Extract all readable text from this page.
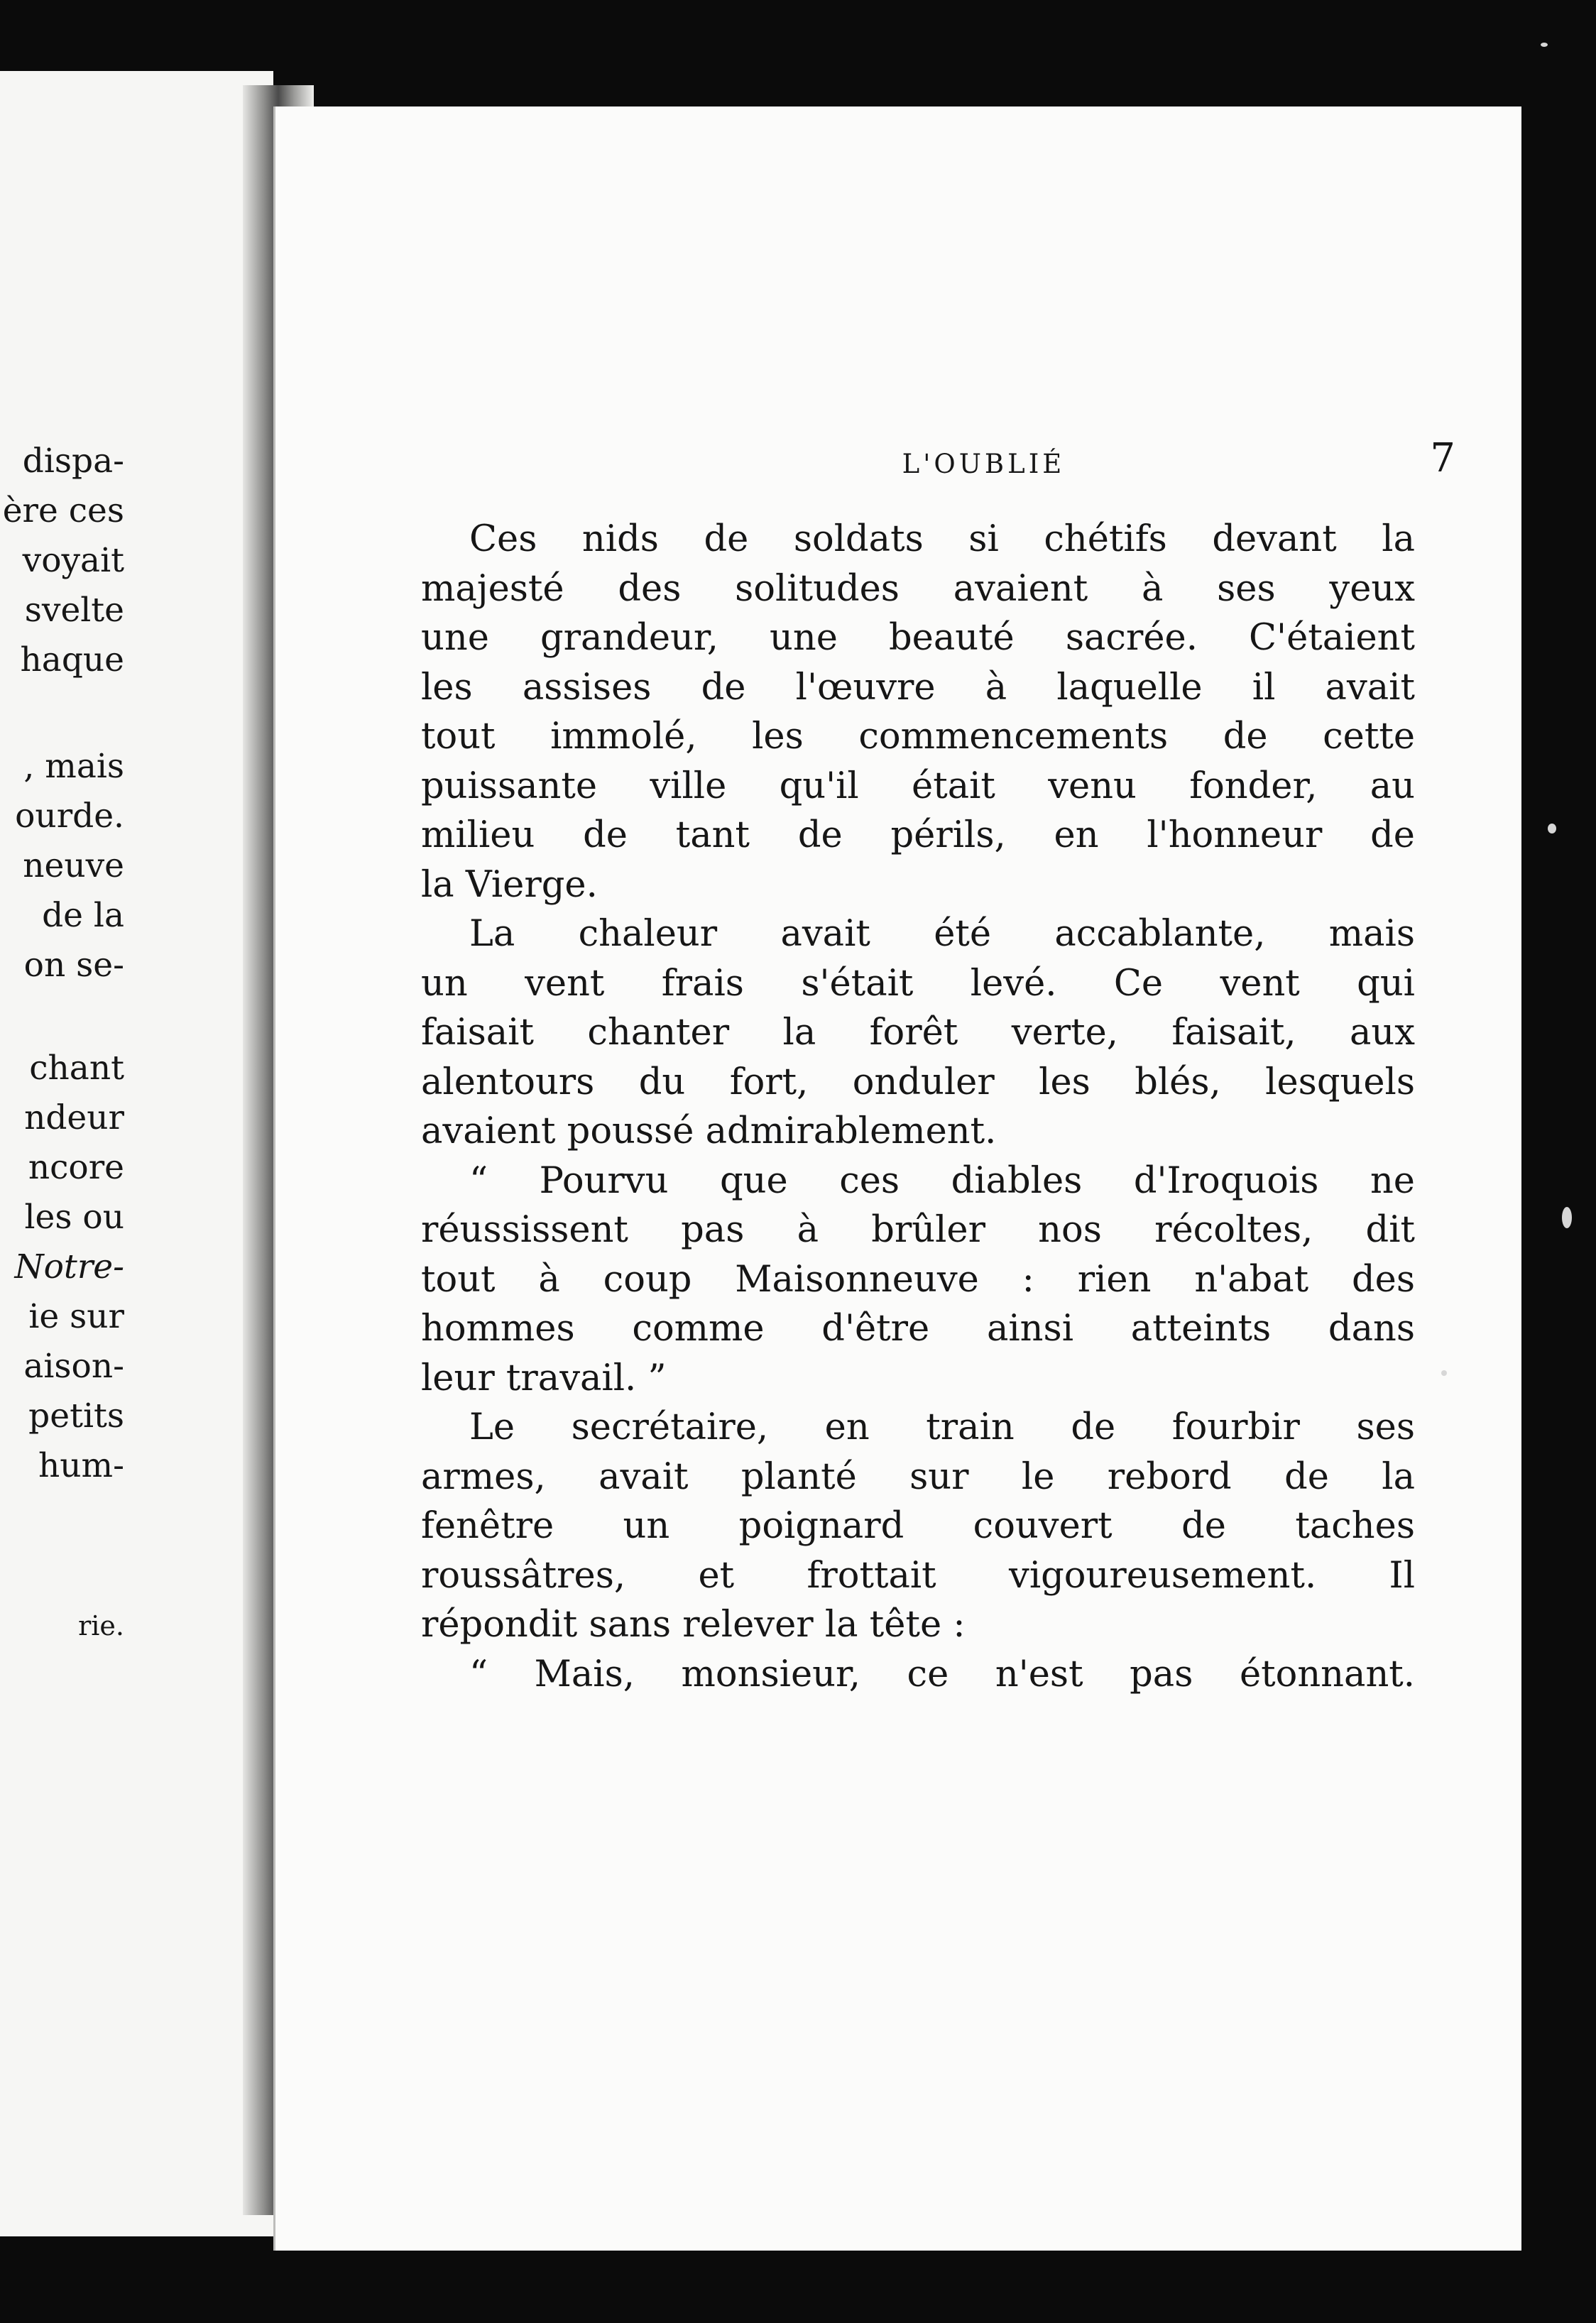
dispa-
ère ces
voyait
svelte
haque
, mais
ourde.
neuve
de la
on se-
chant
ndeur
ncore
les ou
Notre-
ie sur
aison-
petits
hum-
rie.
L'OUBLIÉ	7
Ces nids de soldats si chétifs devant la
majesté des solitudes avaient à ses yeux
une grandeur, une beauté sacrée. C'étaient
les assises de l'œuvre à laquelle il avait
tout immolé, les commencements de cette
puissante ville qu'il était venu fonder, au
milieu de tant de périls, en l'honneur de
la Vierge.
La chaleur avait été accablante, mais
un vent frais s'était levé. Ce vent qui
faisait chanter la forêt verte, faisait, aux
alentours du fort, onduler les blés, lesquels
avaient poussé admirablement.
“ Pourvu que ces diables d'Iroquois ne
réussissent pas à brûler nos récoltes, dit
tout à coup Maisonneuve : rien n'abat des
hommes comme d'être ainsi atteints dans
leur travail. ”
Le secrétaire, en train de fourbir ses
armes, avait planté sur le rebord de la
fenêtre un poignard couvert de taches
roussâtres, et frottait vigoureusement. Il
répondit sans relever la tête :
“ Mais, monsieur, ce n'est pas étonnant.
